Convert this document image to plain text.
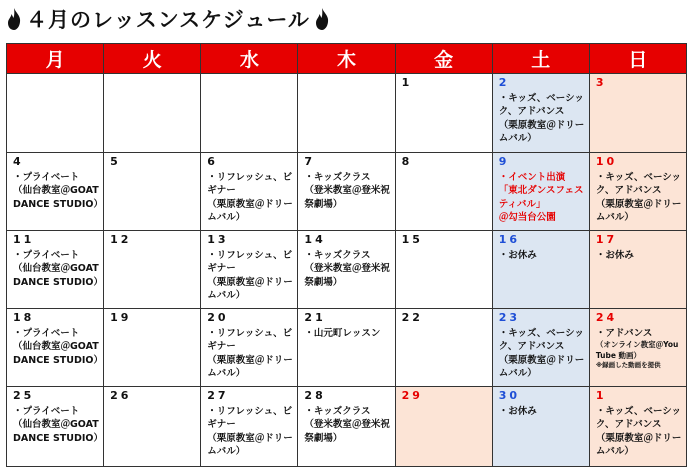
４月のレッスンスケジュール
月	火	水	木	金	土	日

				1	2
・キッズ、ベーシック、アドバンス
（栗原教室＠ドリームバル）	3

4
・プライベート
（仙台教室＠GOAT DANCE STUDIO）	5	6
・リフレッシュ、ビギナー
（栗原教室＠ドリームバル）	7
・キッズクラス
（登米教室＠登米祝祭劇場）	8	9
・イベント出演
「東北ダンスフェスティバル」
＠勾当台公園	10
・キッズ、ベーシック、アドバンス
（栗原教室＠ドリームバル）

11
・プライベート
（仙台教室＠GOAT DANCE STUDIO）	12	13
・リフレッシュ、ビギナー
（栗原教室＠ドリームバル）	14
・キッズクラス
（登米教室＠登米祝祭劇場）	15	16
・お休み	17
・お休み

18
・プライベート
（仙台教室＠GOAT DANCE STUDIO）	19	20
・リフレッシュ、ビギナー
（栗原教室＠ドリームバル）	21
・山元町レッスン	22	23
・キッズ、ベーシック、アドバンス
（栗原教室＠ドリームバル）	24
・アドバンス
（オンライン教室＠YouTube 動画）
※録画した動画を提供

25
・プライベート
（仙台教室＠GOAT DANCE STUDIO）	26	27
・リフレッシュ、ビギナー
（栗原教室＠ドリームバル）	28
・キッズクラス
（登米教室＠登米祝祭劇場）	29	30
・お休み	1
・キッズ、ベーシック、アドバンス
（栗原教室＠ドリームバル）
